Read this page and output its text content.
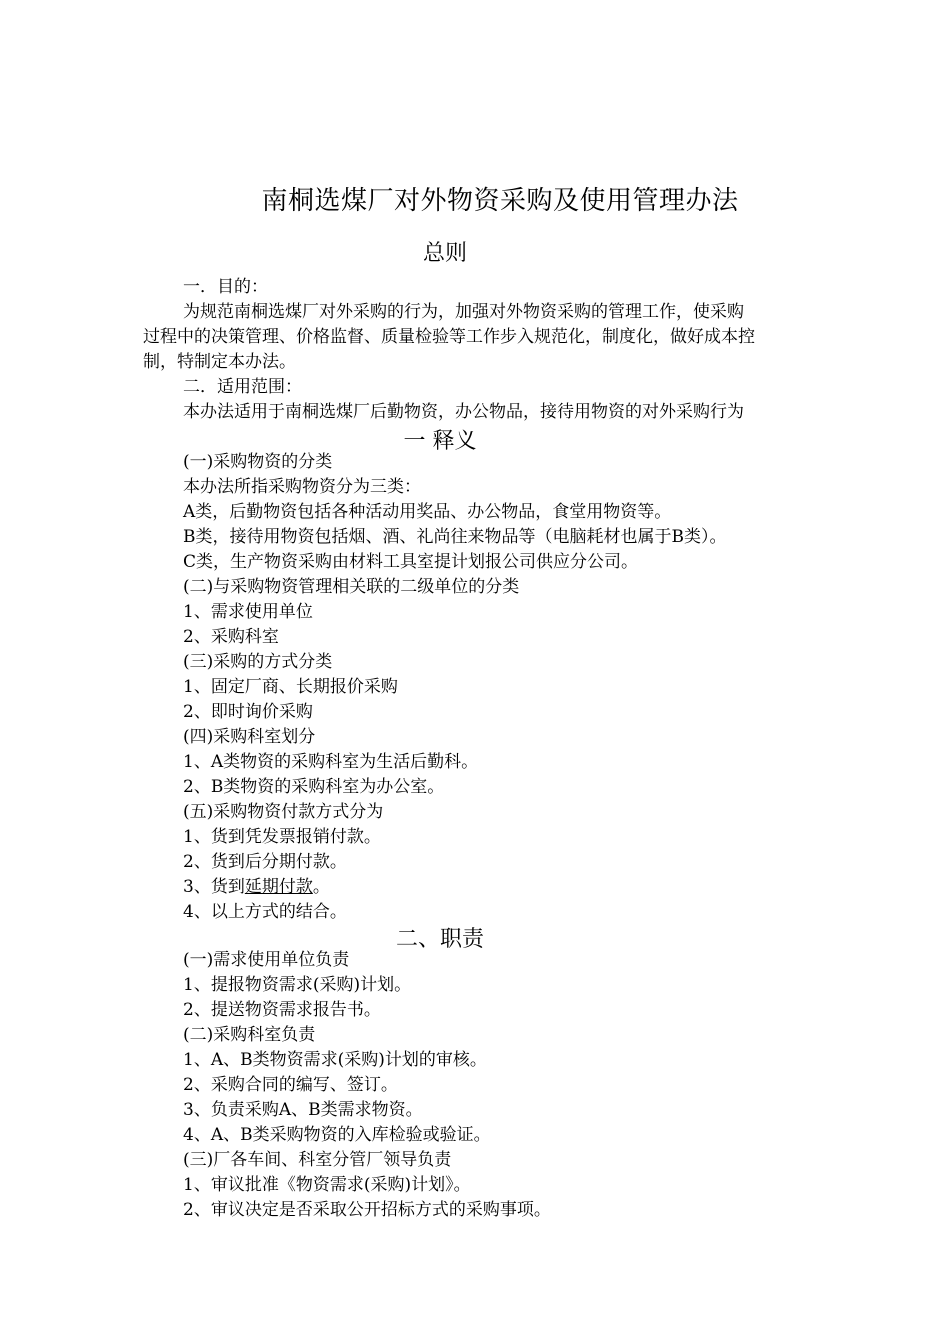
南桐选煤厂对外物资采购及使用管理办法
总则
一．目的：
为规范南桐选煤厂对外采购的行为，加强对外物资采购的管理工作，使采购
过程中的决策管理、价格监督、质量检验等工作步入规范化，制度化，做好成本控
制，特制定本办法。
二．适用范围：
本办法适用于南桐选煤厂后勤物资，办公物品，接待用物资的对外采购行为
一 释义
(一)采购物资的分类
本办法所指采购物资分为三类：
A类，后勤物资包括各种活动用奖品、办公物品，食堂用物资等。
B类，接待用物资包括烟、酒、礼尚往来物品等（电脑耗材也属于B类）。
C类，生产物资采购由材料工具室提计划报公司供应分公司。
(二)与采购物资管理相关联的二级单位的分类
1、需求使用单位
2、采购科室
(三)采购的方式分类
1、固定厂商、长期报价采购
2、即时询价采购
(四)采购科室划分
1、A类物资的采购科室为生活后勤科。
2、B类物资的采购科室为办公室。
(五)采购物资付款方式分为
1、货到凭发票报销付款。
2、货到后分期付款。
3、货到延期付款。
4、以上方式的结合。
二、职责
(一)需求使用单位负责
1、提报物资需求(采购)计划。
2、提送物资需求报告书。
(二)采购科室负责
1、A、B类物资需求(采购)计划的审核。
2、采购合同的编写、签订。
3、负责采购A、B类需求物资。
4、A、B类采购物资的入库检验或验证。
(三)厂各车间、科室分管厂领导负责
1、审议批准《物资需求(采购)计划》。
2、审议决定是否采取公开招标方式的采购事项。
